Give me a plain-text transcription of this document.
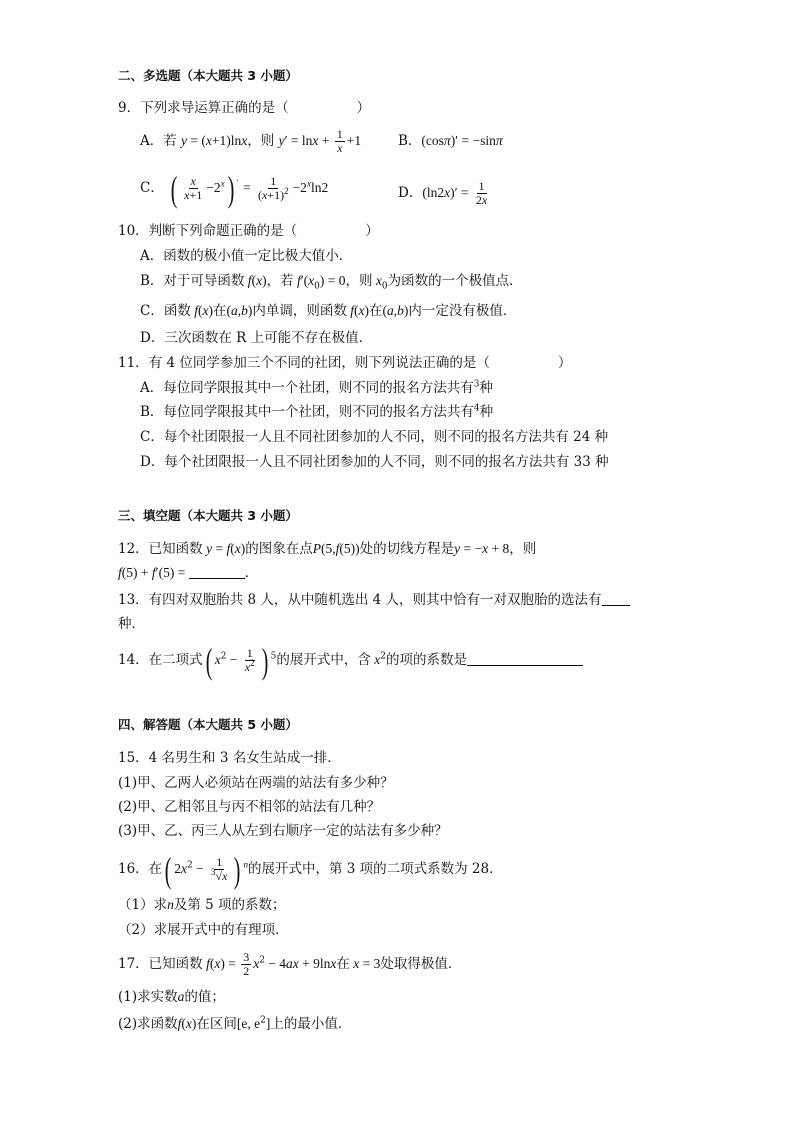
二、多选题（本大题共 3 小题）
9．下列求导运算正确的是（	）
A．若 y = (x+1)lnx，则 $y' = \ln x + \frac{1}{x} +1$	B．(cosπ)′ = −sinπ
C． ( $\frac{x}{x+1} -2^x$) $' = \frac{1}{(x+1)^2} -2^x\ln 2$	D．$(\ln 2x)' = \frac{1}{2x}$
10．判断下列命题正确的是（	）
A．函数的极小值一定比极大值小．
B．对于可导函数 f(x)，若 $f'(x_0) = 0$，则 $x_0$为函数的一个极值点．
C．函数 f(x)在(a,b)内单调，则函数 f(x)在(a,b)内一定没有极值．
D．三次函数在 R 上可能不存在极值．
11．有 4 位同学参加三个不同的社团，则下列说法正确的是（	）
A．每位同学限报其中一个社团，则不同的报名方法共有$^3$种
B．每位同学限报其中一个社团，则不同的报名方法共有$^4$种
C．每个社团限报一人且不同社团参加的人不同，则不同的报名方法共有 24 种
D．每个社团限报一人且不同社团参加的人不同，则不同的报名方法共有 33 种
三、填空题（本大题共 3 小题）
12．已知函数 y = f(x)的图象在点P(5,f(5))处的切线方程是y = −x + 8，则
f(5) + f′(5) =	．
13．有四对双胞胎共 8 人，从中随机选出 4 人，则其中恰有一对双胞胎的选法有
种．
14．在二项式( $x^2 - \frac{1}{x^2}$ ) $^5$的展开式中，含 $x^2$的项的系数是
四、解答题（本大题共 5 小题）
15．4 名男生和 3 名女生站成一排．
(1)甲、乙两人必须站在两端的站法有多少种？
(2)甲、乙相邻且与丙不相邻的站法有几种？
(3)甲、乙、丙三人从左到右顺序一定的站法有多少种？
16．在( $2x^2 - \frac{1}{^3√x}$ ) $^n$的展开式中，第 3 项的二项式系数为 28．
（1）求n及第 5 项的系数；
（2）求展开式中的有理项．
17．已知函数 $f(x) = \frac{3}{2} x^2 - 4ax + 9\ln x$在 x = 3处取得极值．
(1)求实数a的值；
(2)求函数f(x)在区间[e, $e^2$]上的最小值．
